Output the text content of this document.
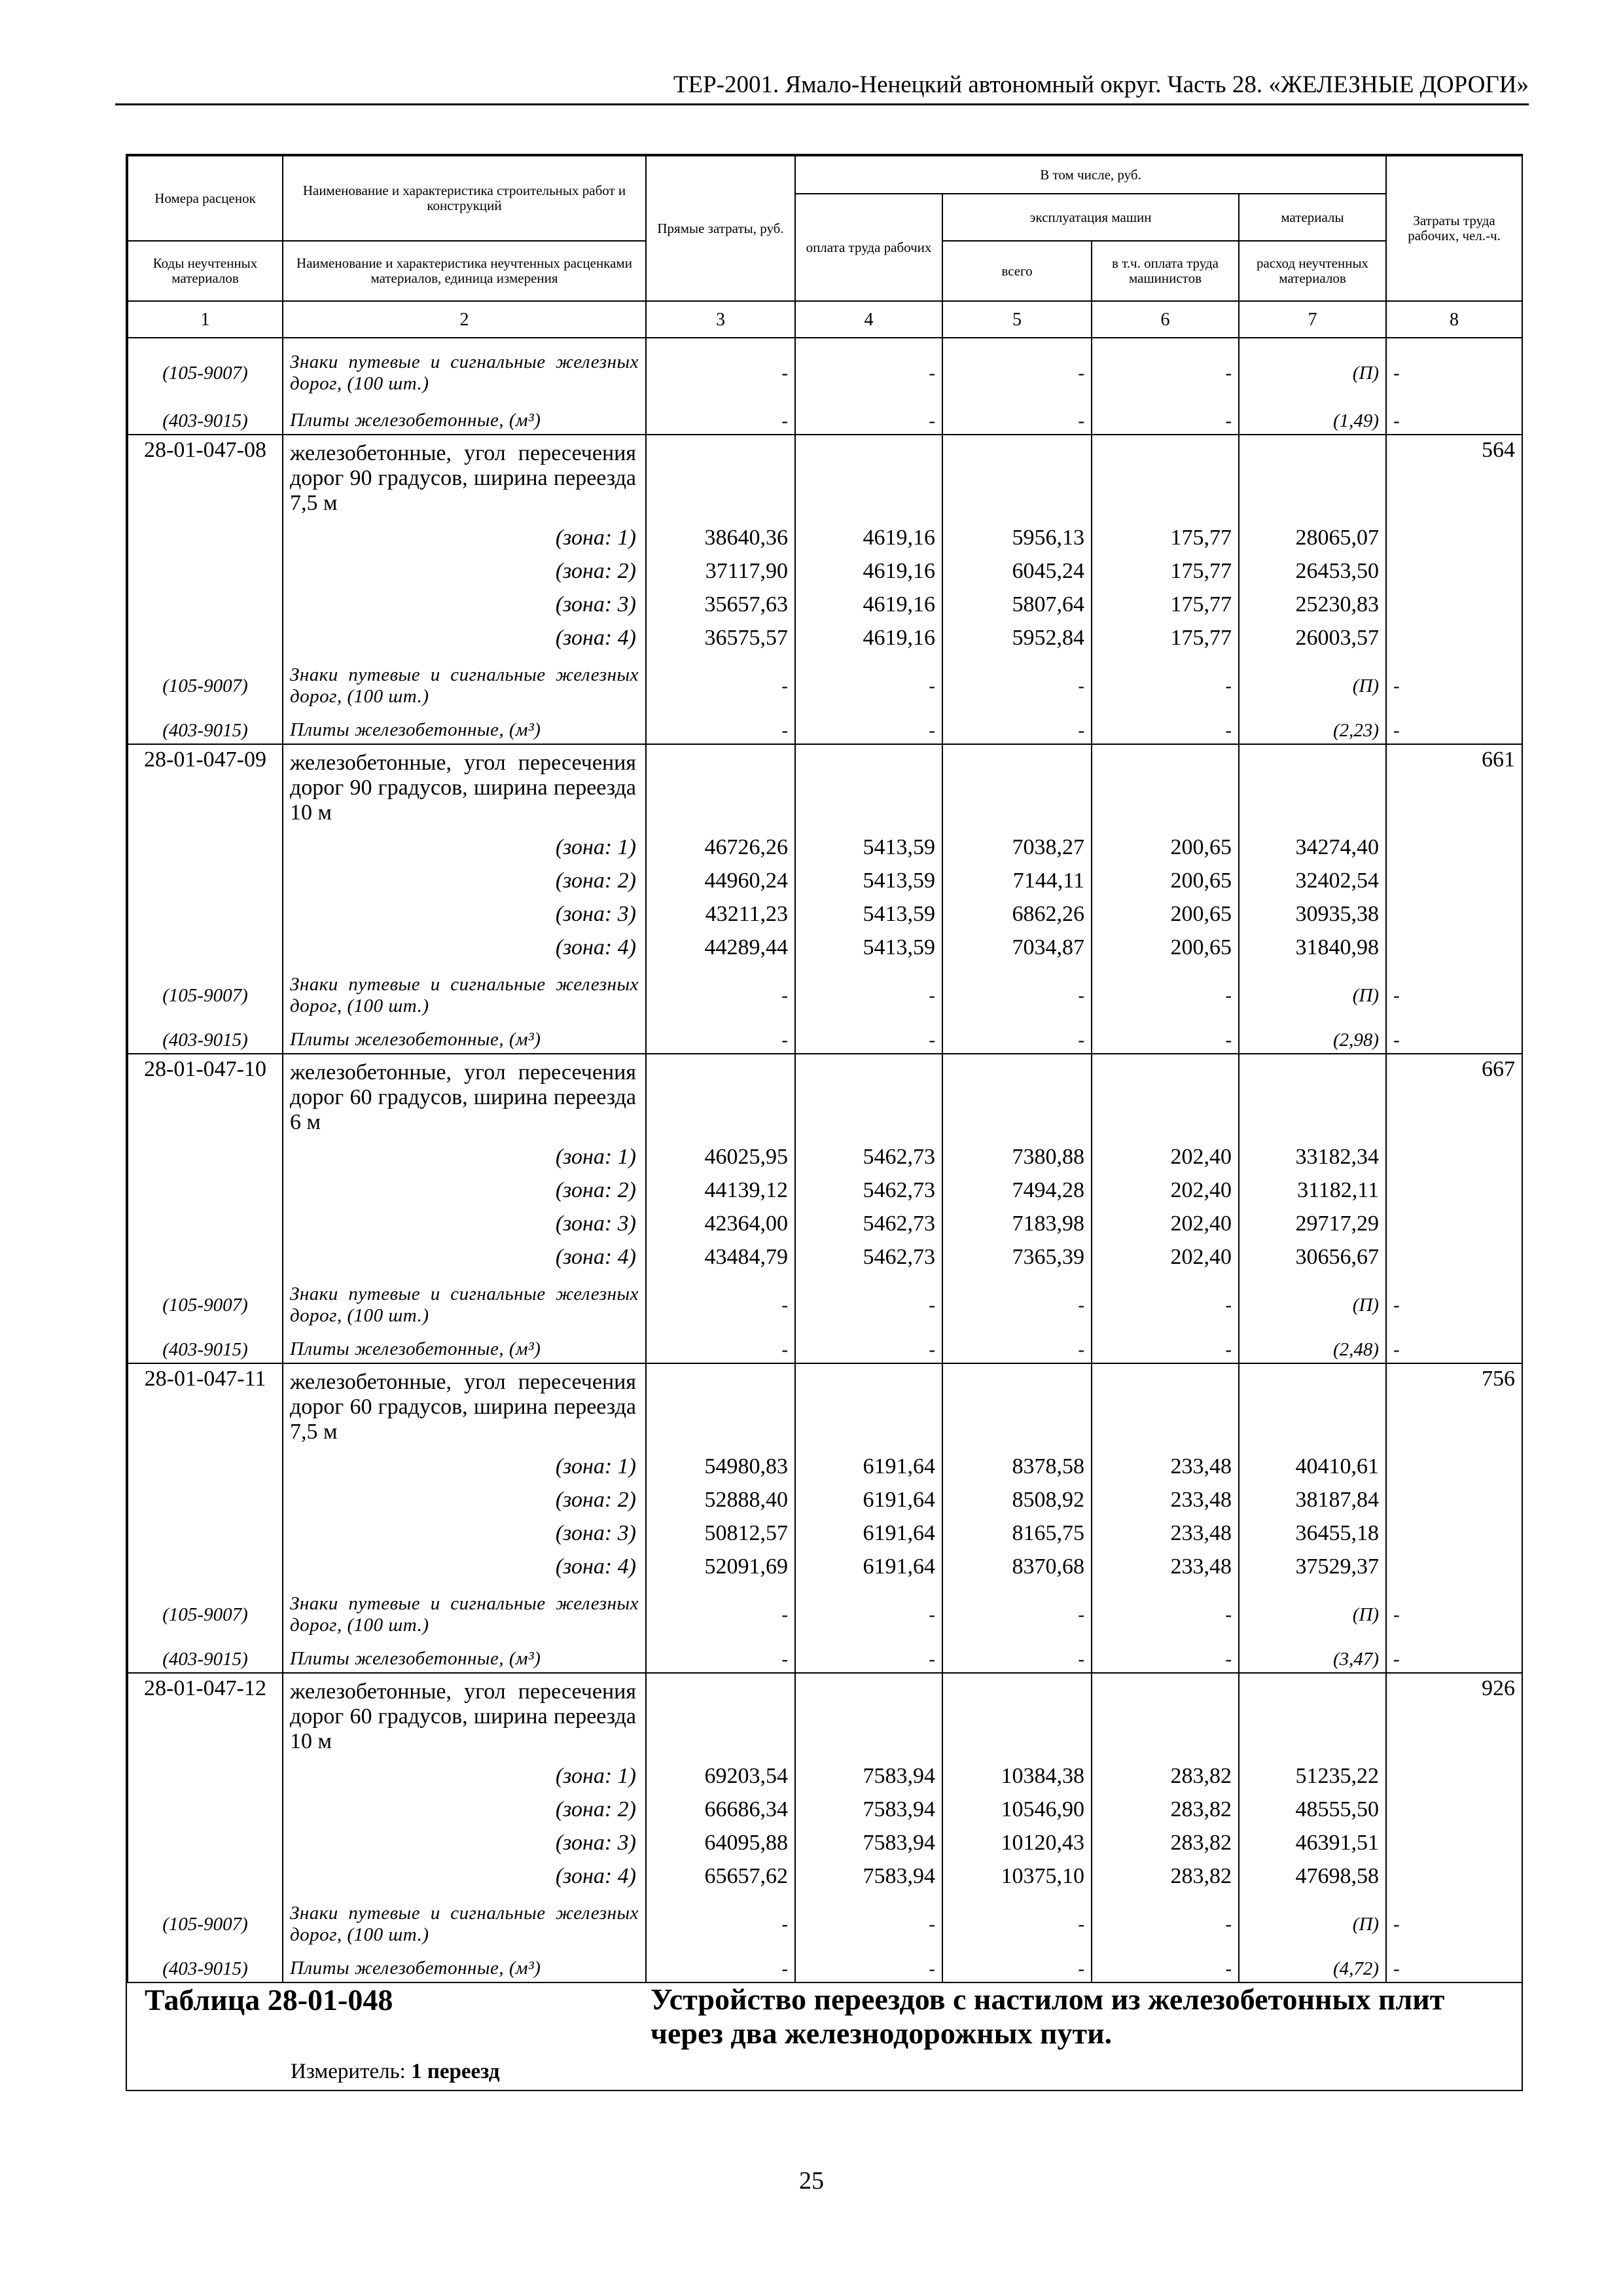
ТЕР-2001. Ямало-Ненецкий автономный округ. Часть 28. «ЖЕЛЕЗНЫЕ ДОРОГИ»
Номера расценок	Наименование и характеристика строительных работ и конструкций	Прямые затраты, руб.	В том числе, руб.				Затраты труда рабочих, чел.-ч.
			оплата труда рабочих	эксплуатация машин		материалы	
Коды неучтенных материалов	Наименование и характеристика неучтенных расценками материалов, единица измерения			всего	в т.ч. оплата труда машинистов	расход неучтенных материалов	
1	2	3	4	5	6	7	8
(105-9007)	Знаки путевые и сигнальные железных дорог, (100 шт.)	-	-	-	-	(П)	-
(403-9015)	Плиты железобетонные, (м³)	-	-	-	-	(1,49)	-
28-01-047-08	железобетонные, угол пересечения дорог 90 градусов, ширина переезда 7,5 м						564
	(зона: 1)	38640,36	4619,16	5956,13	175,77	28065,07	
	(зона: 2)	37117,90	4619,16	6045,24	175,77	26453,50	
	(зона: 3)	35657,63	4619,16	5807,64	175,77	25230,83	
	(зона: 4)	36575,57	4619,16	5952,84	175,77	26003,57	
(105-9007)	Знаки путевые и сигнальные железных дорог, (100 шт.)	-	-	-	-	(П)	-
(403-9015)	Плиты железобетонные, (м³)	-	-	-	-	(2,23)	-
28-01-047-09	железобетонные, угол пересечения дорог 90 градусов, ширина переезда 10 м						661
	(зона: 1)	46726,26	5413,59	7038,27	200,65	34274,40	
	(зона: 2)	44960,24	5413,59	7144,11	200,65	32402,54	
	(зона: 3)	43211,23	5413,59	6862,26	200,65	30935,38	
	(зона: 4)	44289,44	5413,59	7034,87	200,65	31840,98	
(105-9007)	Знаки путевые и сигнальные железных дорог, (100 шт.)	-	-	-	-	(П)	-
(403-9015)	Плиты железобетонные, (м³)	-	-	-	-	(2,98)	-
28-01-047-10	железобетонные, угол пересечения дорог 60 градусов, ширина переезда 6 м						667
	(зона: 1)	46025,95	5462,73	7380,88	202,40	33182,34	
	(зона: 2)	44139,12	5462,73	7494,28	202,40	31182,11	
	(зона: 3)	42364,00	5462,73	7183,98	202,40	29717,29	
	(зона: 4)	43484,79	5462,73	7365,39	202,40	30656,67	
(105-9007)	Знаки путевые и сигнальные железных дорог, (100 шт.)	-	-	-	-	(П)	-
(403-9015)	Плиты железобетонные, (м³)	-	-	-	-	(2,48)	-
28-01-047-11	железобетонные, угол пересечения дорог 60 градусов, ширина переезда 7,5 м						756
	(зона: 1)	54980,83	6191,64	8378,58	233,48	40410,61	
	(зона: 2)	52888,40	6191,64	8508,92	233,48	38187,84	
	(зона: 3)	50812,57	6191,64	8165,75	233,48	36455,18	
	(зона: 4)	52091,69	6191,64	8370,68	233,48	37529,37	
(105-9007)	Знаки путевые и сигнальные железных дорог, (100 шт.)	-	-	-	-	(П)	-
(403-9015)	Плиты железобетонные, (м³)	-	-	-	-	(3,47)	-
28-01-047-12	железобетонные, угол пересечения дорог 60 градусов, ширина переезда 10 м						926
	(зона: 1)	69203,54	7583,94	10384,38	283,82	51235,22	
	(зона: 2)	66686,34	7583,94	10546,90	283,82	48555,50	
	(зона: 3)	64095,88	7583,94	10120,43	283,82	46391,51	
	(зона: 4)	65657,62	7583,94	10375,10	283,82	47698,58	
(105-9007)	Знаки путевые и сигнальные железных дорог, (100 шт.)	-	-	-	-	(П)	-
(403-9015)	Плиты железобетонные, (м³)	-	-	-	-	(4,72)	-

Таблица 28-01-048	Устройство переездов с настилом из железобетонных плит через два железнодорожных пути.
Измеритель: 1 переезд
25
